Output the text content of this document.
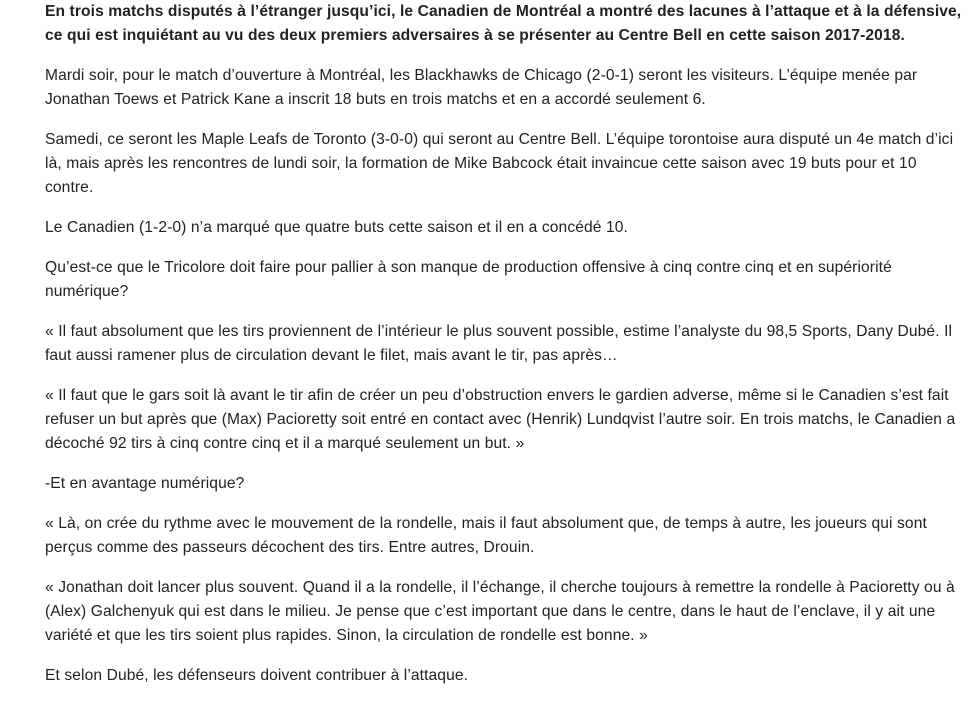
En trois matchs disputés à l’étranger jusqu’ici, le Canadien de Montréal a montré des lacunes à l’attaque et à la défensive, ce qui est inquiétant au vu des deux premiers adversaires à se présenter au Centre Bell en cette saison 2017-2018.

Mardi soir, pour le match d’ouverture à Montréal, les Blackhawks de Chicago (2-0-1) seront les visiteurs. L’équipe menée par Jonathan Toews et Patrick Kane a inscrit 18 buts en trois matchs et en a accordé seulement 6.

Samedi, ce seront les Maple Leafs de Toronto (3-0-0) qui seront au Centre Bell. L’équipe torontoise aura disputé un 4e match d’ici là, mais après les rencontres de lundi soir, la formation de Mike Babcock était invaincue cette saison avec 19 buts pour et 10 contre.

Le Canadien (1-2-0) n’a marqué que quatre buts cette saison et il en a concédé 10.

Qu’est-ce que le Tricolore doit faire pour pallier à son manque de production offensive à cinq contre cinq et en supériorité numérique?

« Il faut absolument que les tirs proviennent de l’intérieur le plus souvent possible, estime l’analyste du 98,5 Sports, Dany Dubé. Il faut aussi ramener plus de circulation devant le filet, mais avant le tir, pas après…

« Il faut que le gars soit là avant le tir afin de créer un peu d’obstruction envers le gardien adverse, même si le Canadien s’est fait refuser un but après que (Max) Pacioretty soit entré en contact avec (Henrik) Lundqvist l’autre soir. En trois matchs, le Canadien a décoché 92 tirs à cinq contre cinq et il a marqué seulement un but. »

-Et en avantage numérique?

« Là, on crée du rythme avec le mouvement de la rondelle, mais il faut absolument que, de temps à autre, les joueurs qui sont perçus comme des passeurs décochent des tirs. Entre autres, Drouin.

« Jonathan doit lancer plus souvent. Quand il a la rondelle, il l’échange, il cherche toujours à remettre la rondelle à Pacioretty ou à (Alex) Galchenyuk qui est dans le milieu. Je pense que c’est important que dans le centre, dans le haut de l’enclave, il y ait une variété et que les tirs soient plus rapides. Sinon, la circulation de rondelle est bonne. »

Et selon Dubé, les défenseurs doivent contribuer à l’attaque.
